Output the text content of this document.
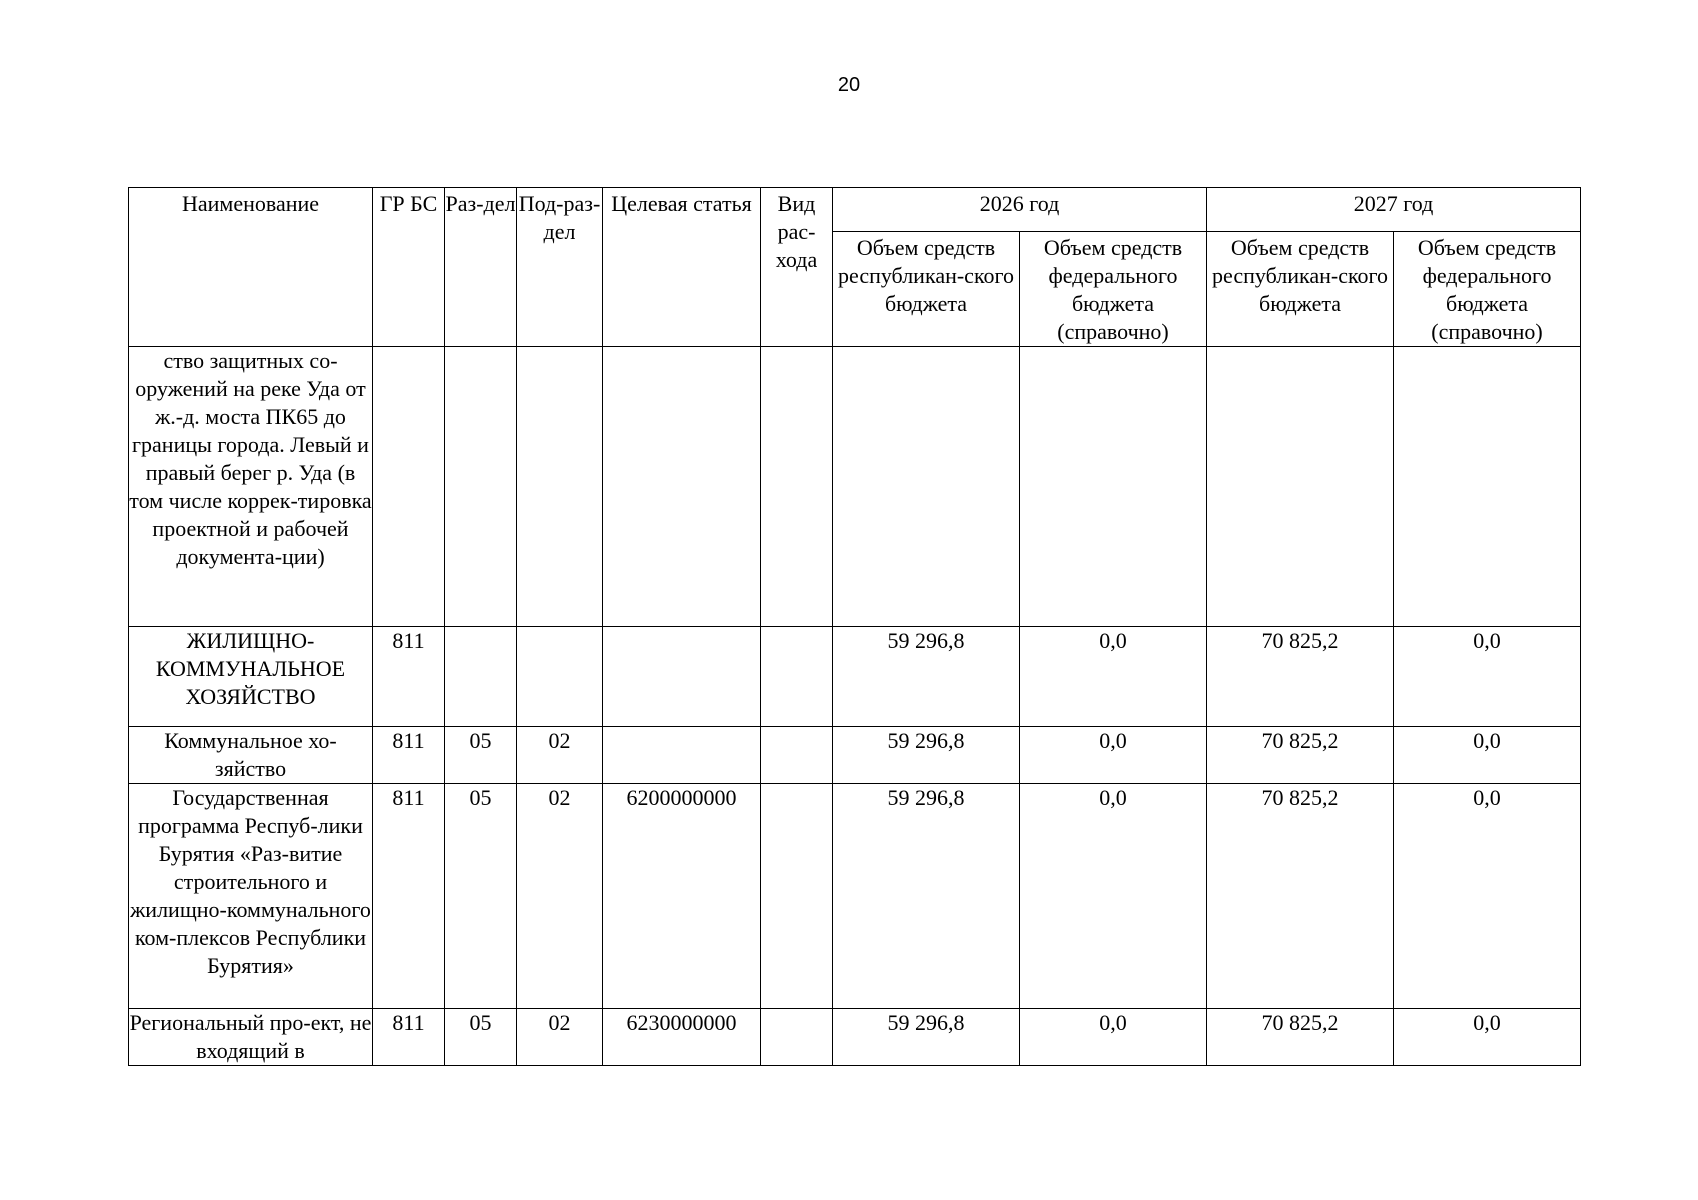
20
Наименование	ГР БС	Раз-дел	Под-раз-дел	Целевая статья	Вид рас-хода	2026 год		2027 год	
						Объем средств республикан-ского бюджета	Объем средств федерального бюджета (справочно)	Объем средств республикан-ского бюджета	Объем средств федерального бюджета (справочно)
ство защитных со-оружений на реке Уда от ж.-д. моста ПК65 до границы города. Левый и правый берег р. Уда (в том числе коррек-тировка проектной и рабочей документа-ции)									
ЖИЛИЩНО-КОММУНАЛЬНОЕ ХОЗЯЙСТВО	811					59 296,8	0,0	70 825,2	0,0
Коммунальное хо-зяйство	811	05	02			59 296,8	0,0	70 825,2	0,0
Государственная программа Респуб-лики Бурятия «Раз-витие строительного и жилищно-коммунального ком-плексов Республики Бурятия»	811	05	02	6200000000		59 296,8	0,0	70 825,2	0,0
Региональный про-ект, не входящий в	811	05	02	6230000000		59 296,8	0,0	70 825,2	0,0
